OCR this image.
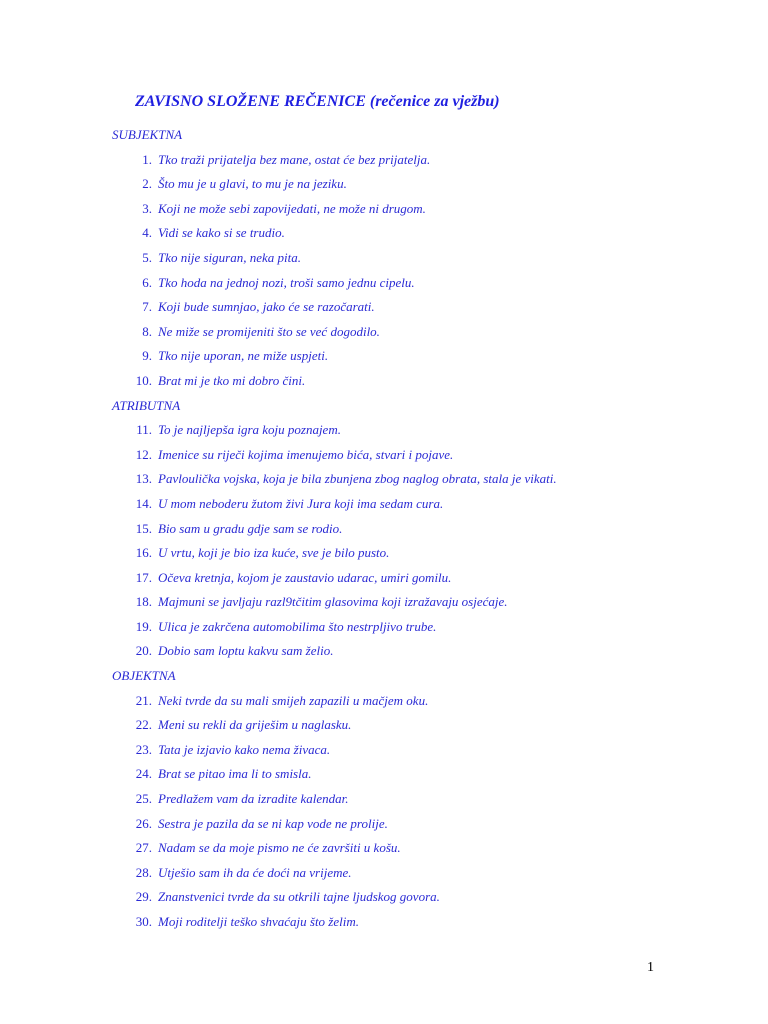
ZAVISNO SLOŽENE REČENICE (rečenice za vježbu)
SUBJEKTNA
1. Tko traži prijatelja bez mane, ostat će bez prijatelja.
2. Što mu je u glavi, to mu je na jeziku.
3. Koji ne može sebi zapovijedati, ne može ni drugom.
4. Vidi se kako si se trudio.
5. Tko nije siguran, neka pita.
6. Tko hoda na jednoj nozi, troši samo jednu cipelu.
7. Koji bude sumnjao, jako će se razočarati.
8. Ne miže se promijeniti što se već dogodilo.
9. Tko nije uporan, ne miže uspjeti.
10. Brat mi je tko mi dobro čini.
ATRIBUTNA
11. To je najljepša igra koju poznajem.
12. Imenice su riječi kojima imenujemo bića, stvari i pojave.
13. Pavlouličkа vojska, koja je bila zbunjena zbog naglog obrata, stala je vikati.
14. U mom neboderu žutom živi Jura koji ima sedam cura.
15. Bio sam u gradu gdje sam se rodio.
16. U vrtu, koji je bio iza kuće, sve je bilo pusto.
17. Očeva kretnja, kojom je zaustavio udarac, umiri gomilu.
18. Majmuni se javljaju razl9tčitim glasovima koji izražavaju osjećaje.
19. Ulica je zakrčena automobilima što nestrpljivo trube.
20. Dobio sam loptu kakvu sam želio.
OBJEKTNA
21. Neki tvrde da su mali smijeh zapazili u mačjem oku.
22. Meni su rekli da griješim u naglasku.
23. Tata je izjavio kako nema živaca.
24. Brat se pitao ima li to smisla.
25. Predlažem vam da izradite kalendar.
26. Sestra je pazila da se ni kap vode ne prolije.
27. Nadam se da moje pismo ne će završiti u košu.
28. Utješio sam ih da će doći na vrijeme.
29. Znanstvenici tvrde da su otkrili tajne ljudskog govora.
30. Moji roditelji teško shvaćaju što želim.
1
